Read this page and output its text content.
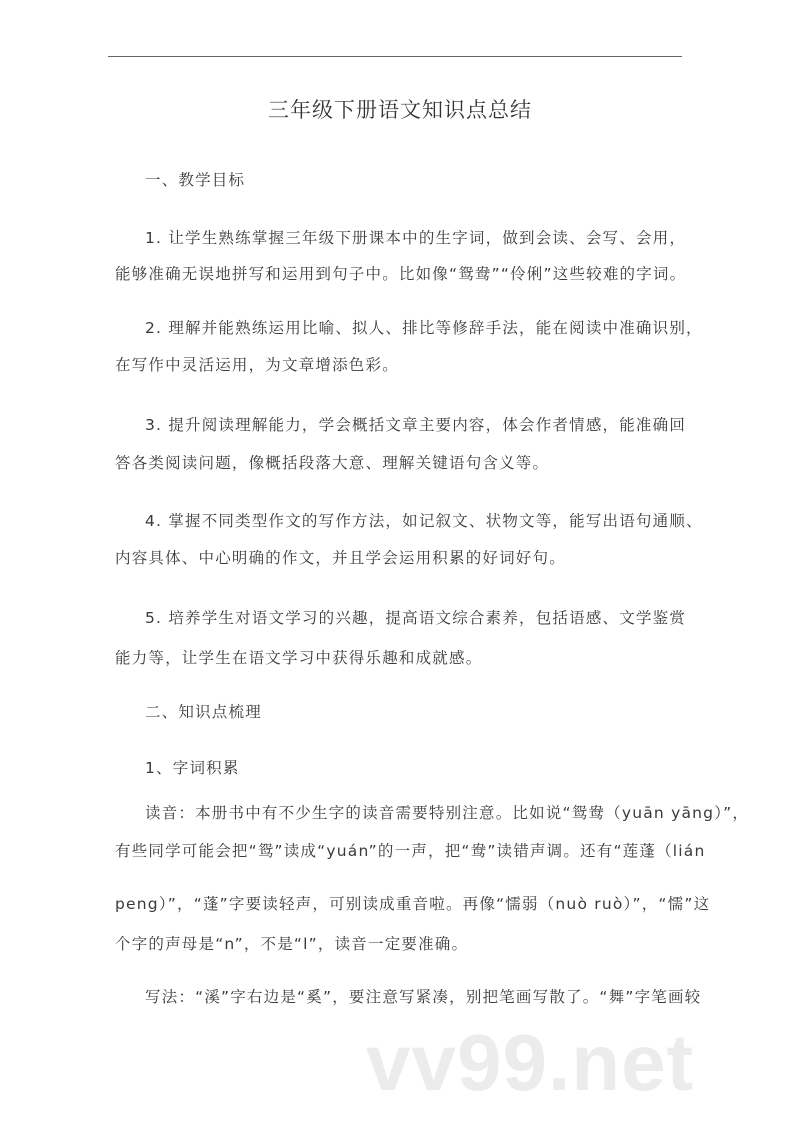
三年级下册语文知识点总结
一、教学目标
1. 让学生熟练掌握三年级下册课本中的生字词，做到会读、会写、会用，
能够准确无误地拼写和运用到句子中。比如像“鸳鸯”“伶俐”这些较难的字词。
2. 理解并能熟练运用比喻、拟人、排比等修辞手法，能在阅读中准确识别，
在写作中灵活运用，为文章增添色彩。
3. 提升阅读理解能力，学会概括文章主要内容，体会作者情感，能准确回
答各类阅读问题，像概括段落大意、理解关键语句含义等。
4. 掌握不同类型作文的写作方法，如记叙文、状物文等，能写出语句通顺、
内容具体、中心明确的作文，并且学会运用积累的好词好句。
5. 培养学生对语文学习的兴趣，提高语文综合素养，包括语感、文学鉴赏
能力等，让学生在语文学习中获得乐趣和成就感。
二、知识点梳理
1、字词积累
读音：本册书中有不少生字的读音需要特别注意。比如说“鸳鸯（yuān yāng）”，
有些同学可能会把“鸳”读成“yuán”的一声，把“鸯”读错声调。还有“莲蓬（lián
peng）”，“蓬”字要读轻声，可别读成重音啦。再像“懦弱（nuò ruò）”，“懦”这
个字的声母是“n”，不是“l”，读音一定要准确。
写法：“溪”字右边是“奚”，要注意写紧凑，别把笔画写散了。“舞”字笔画较
vv99.net
